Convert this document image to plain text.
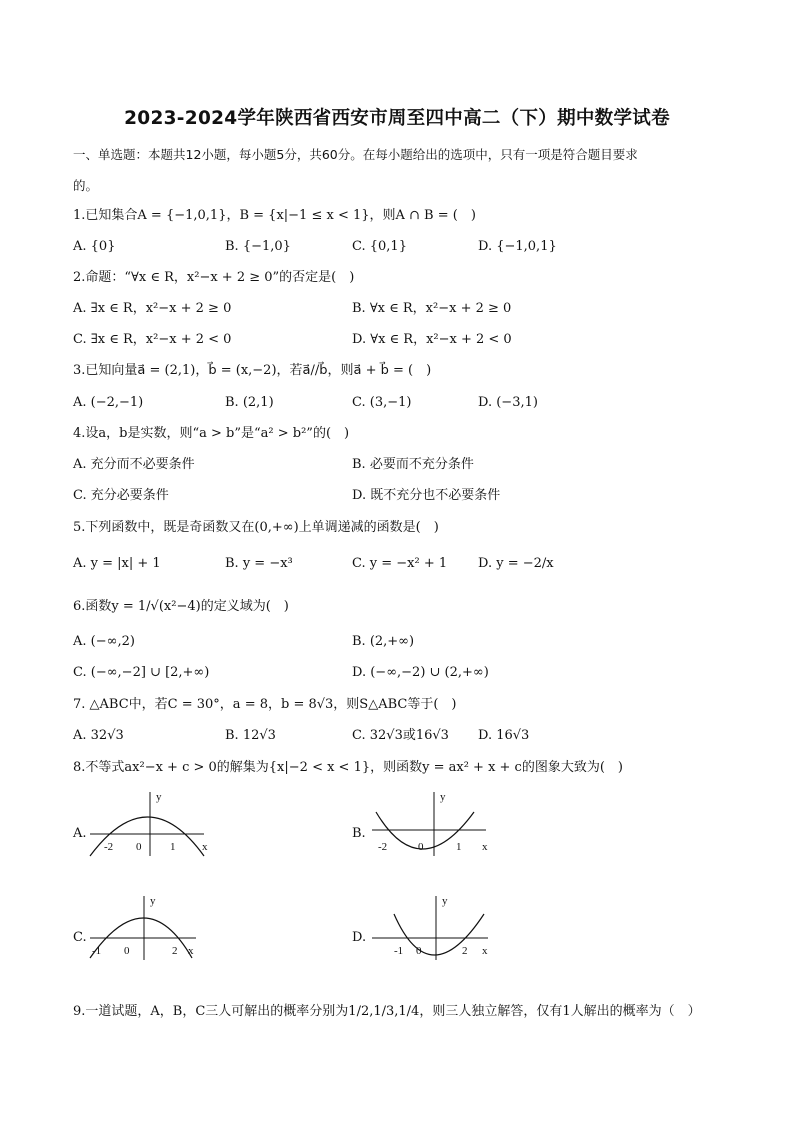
2023-2024学年陕西省西安市周至四中高二（下）期中数学试卷
一、单选题：本题共12小题，每小题5分，共60分。在每小题给出的选项中，只有一项是符合题目要求
的。
1.已知集合A = {−1,0,1}，B = {x|−1 ≤ x < 1}，则A ∩ B = (　)
A. {0}	B. {−1,0}	C. {0,1}	D. {−1,0,1}
2.命题：“∀x ∈ R，x²−x + 2 ≥ 0”的否定是(　)
A. ∃x ∈ R，x²−x + 2 ≥ 0	B. ∀x ∈ R，x²−x + 2 ≥ 0
C. ∃x ∈ R，x²−x + 2 < 0	D. ∀x ∈ R，x²−x + 2 < 0
3.已知向量a⃗ = (2,1)，b⃗ = (x,−2)，若a⃗//b⃗，则a⃗ + b⃗ = (　)
A. (−2,−1)	B. (2,1)	C. (3,−1)	D. (−3,1)
4.设a，b是实数，则“a > b”是“a² > b²”的(　)
A. 充分而不必要条件	B. 必要而不充分条件
C. 充分必要条件	D. 既不充分也不必要条件
5.下列函数中，既是奇函数又在(0,+∞)上单调递减的函数是(　)
A. y = |x| + 1	B. y = −x³	C. y = −x² + 1 D. y = −2/x
6.函数y = 1/√(x²−4)的定义域为(　)
A. (−∞,2)	B. (2,+∞)
C. (−∞,−2] ∪ [2,+∞)	D. (−∞,−2) ∪ (2,+∞)
7. △ABC中，若C = 30°，a = 8，b = 8√3，则S△ABC等于(　)
A. 32√3	B. 12√3	C. 32√3或16√3 D. 16√3
8.不等式ax²−x + c > 0的解集为{x|−2 < x < 1}，则函数y = ax² + x + c的图象大致为(　)
A.
y
-2 0	1 x
B.
y
-2	0	1 x
C.
y
-1 0	2 x
D.
y
-1 0	2 x
9.一道试题，A，B，C三人可解出的概率分别为1/2,1/3,1/4，则三人独立解答，仅有1人解出的概率为（　）
